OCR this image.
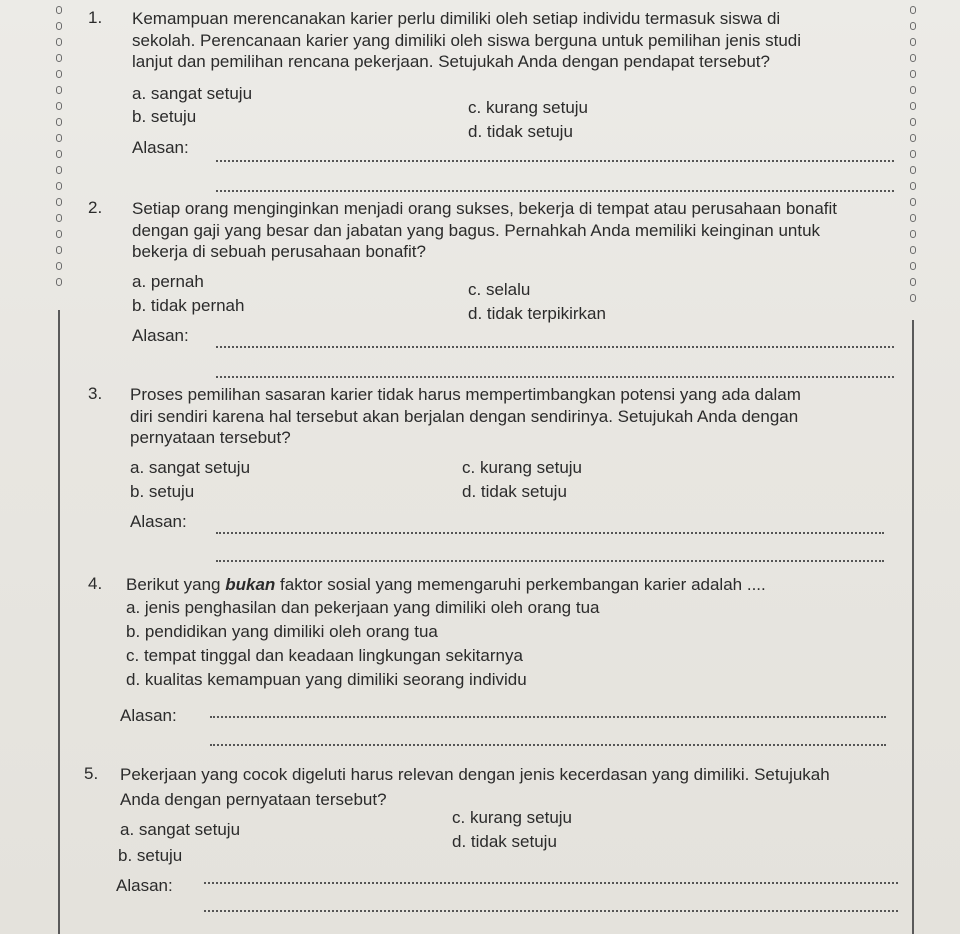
1. Kemampuan merencanakan karier perlu dimiliki oleh setiap individu termasuk siswa di
sekolah. Perencanaan karier yang dimiliki oleh siswa berguna untuk pemilihan jenis studi
lanjut dan pemilihan rencana pekerjaan. Setujukah Anda dengan pendapat tersebut?
a. sangat setuju
b. setuju	c. kurang setuju
d. tidak setuju
Alasan:
2. Setiap orang menginginkan menjadi orang sukses, bekerja di tempat atau perusahaan bonafit
dengan gaji yang besar dan jabatan yang bagus. Pernahkah Anda memiliki keinginan untuk
bekerja di sebuah perusahaan bonafit?
a. pernah
b. tidak pernah
c. selalu
d. tidak terpikirkan
Alasan:
3. Proses pemilihan sasaran karier tidak harus mempertimbangkan potensi yang ada dalam
diri sendiri karena hal tersebut akan berjalan dengan sendirinya. Setujukah Anda dengan
pernyataan tersebut?
a. sangat setuju
b. setuju
c. kurang setuju
d. tidak setuju
Alasan:
4. Berikut yang bukan faktor sosial yang memengaruhi perkembangan karier adalah ....
a. jenis penghasilan dan pekerjaan yang dimiliki oleh orang tua
b. pendidikan yang dimiliki oleh orang tua
c. tempat tinggal dan keadaan lingkungan sekitarnya
d. kualitas kemampuan yang dimiliki seorang individu
Alasan:
5. Pekerjaan yang cocok digeluti harus relevan dengan jenis kecerdasan yang dimiliki. Setujukah
Anda dengan pernyataan tersebut?
a. sangat setuju
b. setuju
c. kurang setuju
d. tidak setuju
Alasan:
